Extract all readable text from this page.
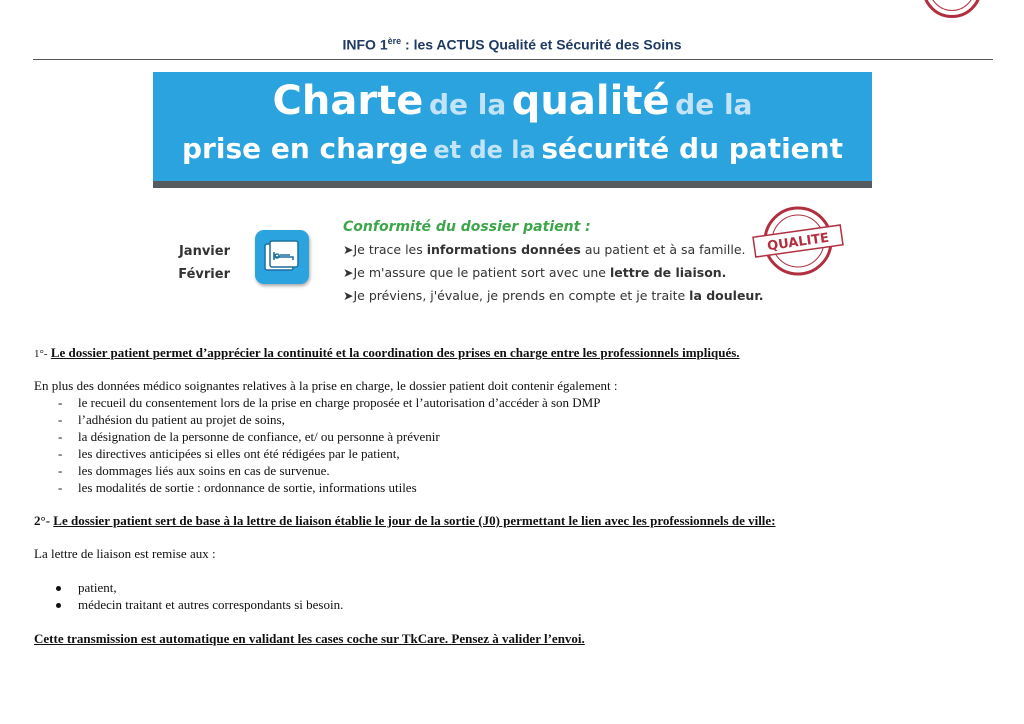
INFO 1ère : les ACTUS Qualité et Sécurité des Soins
Charte de la qualité de la
prise en charge et de la sécurité du patient
Janvier
Février
Conformité du dossier patient :
➤Je trace les informations données au patient et à sa famille.
➤Je m'assure que le patient sort avec une lettre de liaison.
➤Je préviens, j'évalue, je prends en compte et je traite la douleur.
QUALITE
1°- Le dossier patient permet d’apprécier la continuité et la coordination des prises en charge entre les professionnels impliqués.
En plus des données médico soignantes relatives à la prise en charge, le dossier patient doit contenir également :
- le recueil du consentement lors de la prise en charge proposée et l’autorisation d’accéder à son DMP
- l’adhésion du patient au projet de soins,
- la désignation de la personne de confiance, et/ ou personne à prévenir
- les directives anticipées si elles ont été rédigées par le patient,
- les dommages liés aux soins en cas de survenue.
- les modalités de sortie : ordonnance de sortie, informations utiles
2°- Le dossier patient sert de base à la lettre de liaison établie le jour de la sortie (J0) permettant le lien avec les professionnels de ville:
La lettre de liaison est remise aux :
patient,
médecin traitant et autres correspondants si besoin.
Cette transmission est automatique en validant les cases coche sur TkCare. Pensez à valider l’envoi.
